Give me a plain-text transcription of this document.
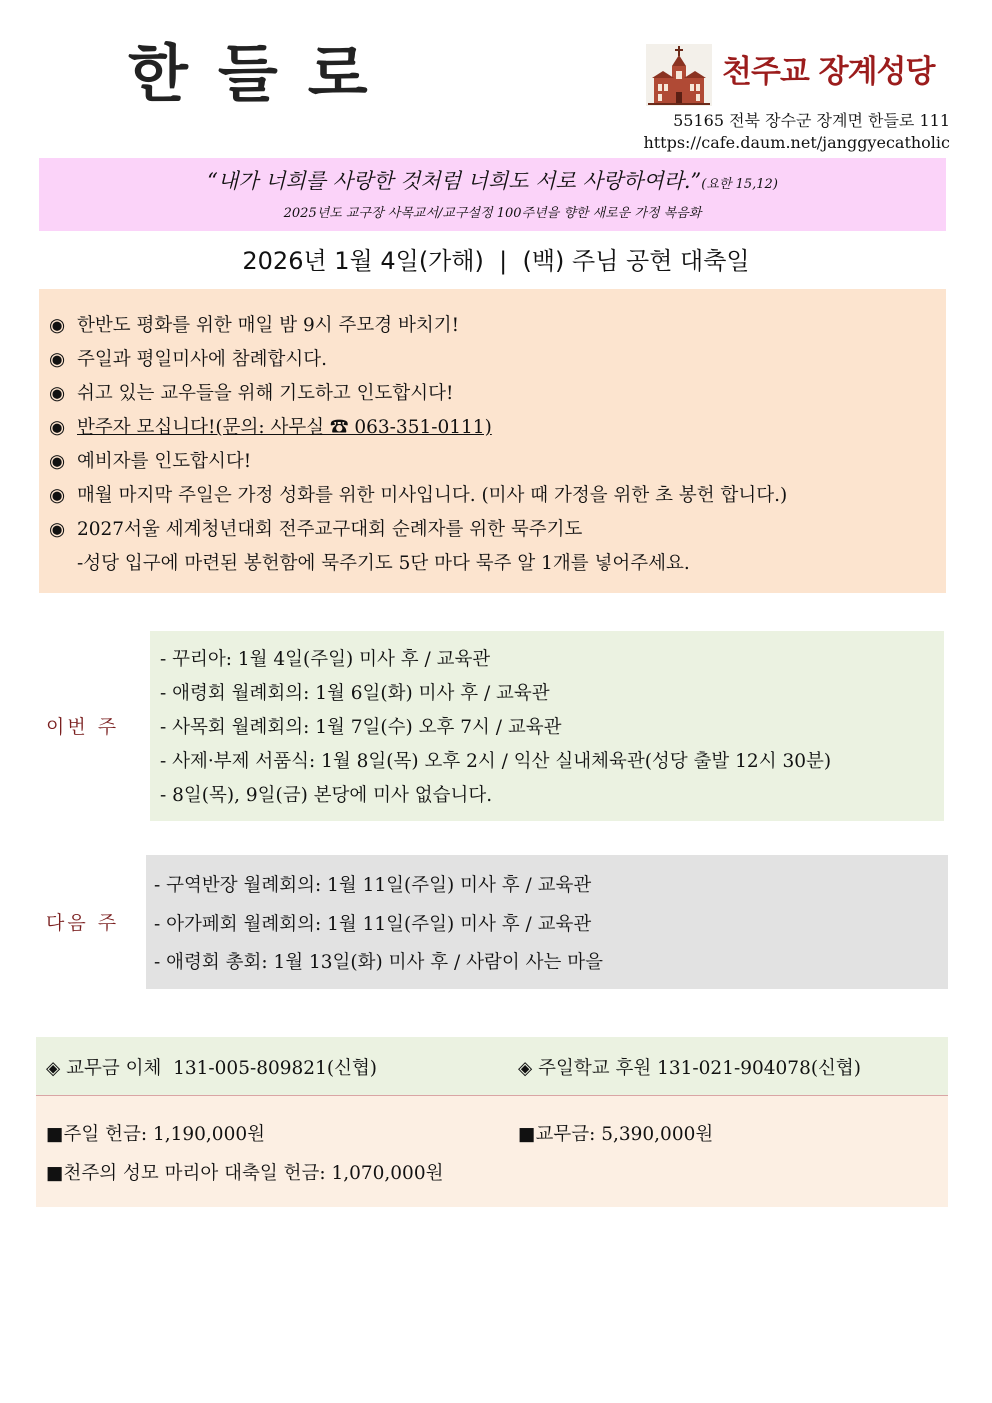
한들로	천주교 장계성당
55165 전북 장수군 장계면 한들로 111
https://cafe.daum.net/janggyecatholic
“내가 너희를 사랑한 것처럼 너희도 서로 사랑하여라.”(요한 15,12)
2025년도 교구장 사목교서/교구설정 100주년을 향한 새로운 가정 복음화
2026년 1월 4일(가해)  |  (백) 주님 공현 대축일
◉ 한반도 평화를 위한 매일 밤 9시 주모경 바치기!
◉ 주일과 평일미사에 참례합시다.
◉ 쉬고 있는 교우들을 위해 기도하고 인도합시다!
◉ 반주자 모십니다!(문의: 사무실 ☎ 063-351-0111)
◉ 예비자를 인도합시다!
◉ 매월 마지막 주일은 가정 성화를 위한 미사입니다. (미사 때 가정을 위한 초 봉헌 합니다.)
◉ 2027서울 세계청년대회 전주교구대회 순례자를 위한 묵주기도
-성당 입구에 마련된 봉헌함에 묵주기도 5단 마다 묵주 알 1개를 넣어주세요.
이번 주
- 꾸리아: 1월 4일(주일) 미사 후 / 교육관
- 애령회 월례회의: 1월 6일(화) 미사 후 / 교육관
- 사목회 월례회의: 1월 7일(수) 오후 7시 / 교육관
- 사제·부제 서품식: 1월 8일(목) 오후 2시 / 익산 실내체육관(성당 출발 12시 30분)
- 8일(목), 9일(금) 본당에 미사 없습니다.
다음 주
- 구역반장 월례회의: 1월 11일(주일) 미사 후 / 교육관
- 아가페회 월례회의: 1월 11일(주일) 미사 후 / 교육관
- 애령회 총회: 1월 13일(화) 미사 후 / 사람이 사는 마을
◈ 교무금 이체  131-005-809821(신협)	◈ 주일학교 후원 131-021-904078(신협)
■주일 헌금: 1,190,000원	■교무금: 5,390,000원
■천주의 성모 마리아 대축일 헌금: 1,070,000원
